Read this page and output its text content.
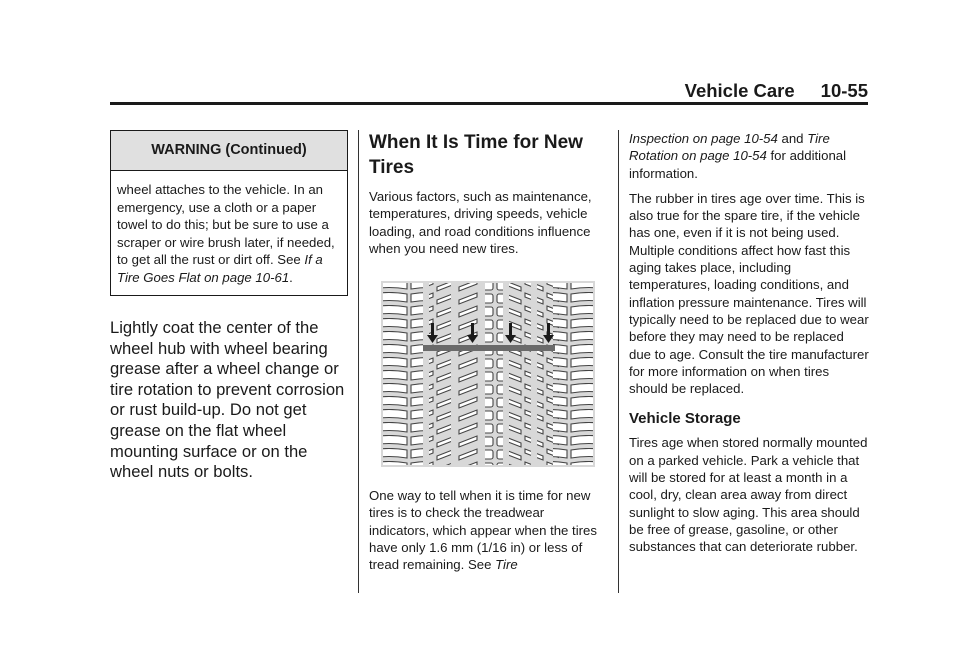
Vehicle Care 10-55
WARNING (Continued)
wheel attaches to the vehicle. In an emergency, use a cloth or a paper towel to do this; but be sure to use a scraper or wire brush later, if needed, to get all the rust or dirt off. See If a Tire Goes Flat on page 10-61.
Lightly coat the center of the wheel hub with wheel bearing grease after a wheel change or tire rotation to prevent corrosion or rust build-up. Do not get grease on the flat wheel mounting surface or on the wheel nuts or bolts.
When It Is Time for New Tires

Various factors, such as maintenance, temperatures, driving speeds, vehicle loading, and road conditions influence when you need new tires.

One way to tell when it is time for new tires is to check the treadwear indicators, which appear when the tires have only 1.6 mm (1/16 in) or less of tread remaining. See Tire

Inspection on page 10-54 and Tire Rotation on page 10-54 for additional information.

The rubber in tires age over time. This is also true for the spare tire, if the vehicle has one, even if it is not being used. Multiple conditions affect how fast this aging takes place, including temperatures, loading conditions, and inflation pressure maintenance. Tires will typically need to be replaced due to wear before they may need to be replaced due to age. Consult the tire manufacturer for more information on when tires should be replaced.

Vehicle Storage

Tires age when stored normally mounted on a parked vehicle. Park a vehicle that will be stored for at least a month in a cool, dry, clean area away from direct sunlight to slow aging. This area should be free of grease, gasoline, or other substances that can deteriorate rubber.
